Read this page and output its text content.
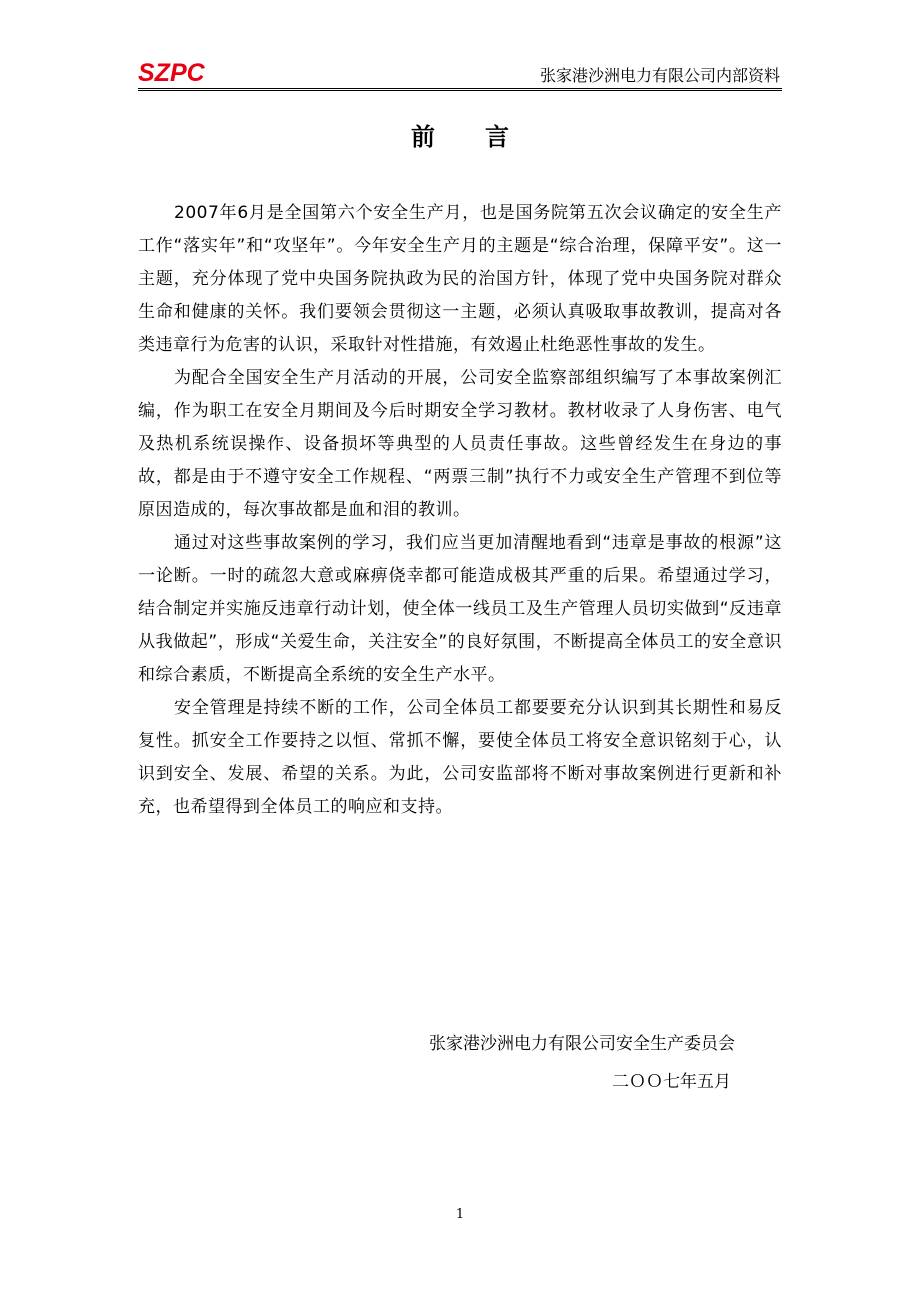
SZPC	张家港沙洲电力有限公司内部资料
前言

2007年6月是全国第六个安全生产月，也是国务院第五次会议确定的安全生产工作“落实年”和“攻坚年”。今年安全生产月的主题是“综合治理，保障平安”。这一主题，充分体现了党中央国务院执政为民的治国方针，体现了党中央国务院对群众生命和健康的关怀。我们要领会贯彻这一主题，必须认真吸取事故教训，提高对各类违章行为危害的认识，采取针对性措施，有效遏止杜绝恶性事故的发生。

为配合全国安全生产月活动的开展，公司安全监察部组织编写了本事故案例汇编，作为职工在安全月期间及今后时期安全学习教材。教材收录了人身伤害、电气及热机系统误操作、设备损坏等典型的人员责任事故。这些曾经发生在身边的事故，都是由于不遵守安全工作规程、“两票三制”执行不力或安全生产管理不到位等原因造成的，每次事故都是血和泪的教训。

通过对这些事故案例的学习，我们应当更加清醒地看到“违章是事故的根源”这一论断。一时的疏忽大意或麻痹侥幸都可能造成极其严重的后果。希望通过学习，结合制定并实施反违章行动计划，使全体一线员工及生产管理人员切实做到“反违章从我做起”，形成“关爱生命，关注安全”的良好氛围，不断提高全体员工的安全意识和综合素质，不断提高全系统的安全生产水平。

安全管理是持续不断的工作，公司全体员工都要要充分认识到其长期性和易反复性。抓安全工作要持之以恒、常抓不懈，要使全体员工将安全意识铭刻于心，认识到安全、发展、希望的关系。为此，公司安监部将不断对事故案例进行更新和补充，也希望得到全体员工的响应和支持。

张家港沙洲电力有限公司安全生产委员会
二ＯＯ七年五月
1
